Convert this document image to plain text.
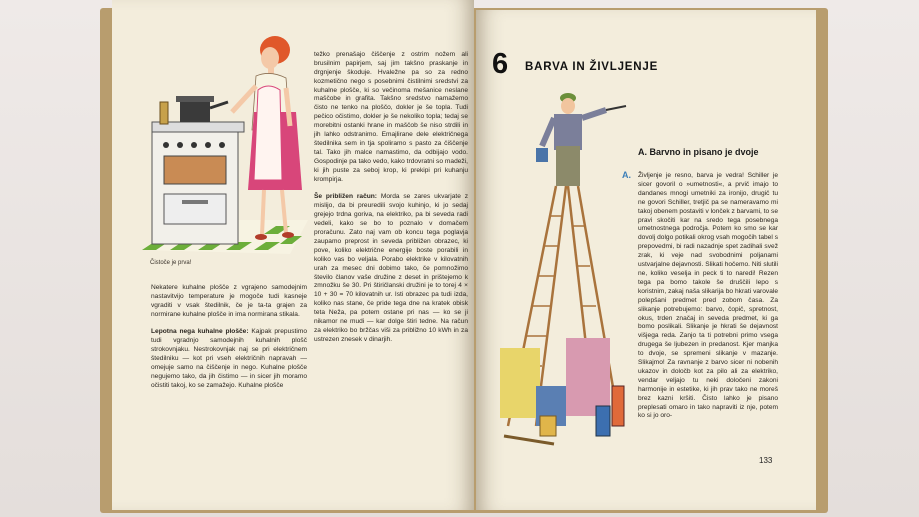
Čistoče je prva!

Nekatere kuhalne plošče z vgrajeno samodejnim nastavitvijo temperature je mogoče tudi kasneje vgraditi v vsak štedilnik, če je ta-ta grajen za normirane kuhalne plošče in ima normirana stikala.

Lepotna nega kuhalne plošče: Kajpak prepustimo tudi vgradnjo samodejnih kuhalnih plošč strokovnjaku. Nestrokovnjak naj se pri električnem štedilniku — kot pri vseh električnih napravah — omejuje samo na čiščenje in nego. Kuhalne plošče negujemo tako, da jih čistimo — in sicer jih moramo očistiti takoj, ko se zamažejo. Kuhalne plošče

težko prenašajo čiščenje z ostrim nožem ali brusilnim papirjem, saj jim takšno praskanje in drgnjenje škoduje. Hvaležne pa so za redno kozmetično nego s posebnimi čistilnimi sredstvi za kuhalne plošče, ki so večinoma mešanice neslane maščobe in grafita. Takšno sredstvo namažemo čisto ne tenko na ploščo, dokler je še topla. Tudi pečico očistimo, dokler je še nekoliko topla; tedaj se morebitni ostanki hrane in maščob še niso strdili in jih lahko odstranimo. Emajlirane dele električnega štedilnika sem in tja spoliramo s pasto za čiščenje tal. Tako jih malce namastimo, da odbijajo vodo. Gospodinje pa tako vedo, kako trdovratni so madeži, ki jih puste za seboj krop, ki prekipi pri kuhanju krompirja.

Še približen račun: Morda se zares ukvarjate z mislijo, da bi preuredili svojo kuhinjo, ki jo sedaj grejejo trdna goriva, na elektriko, pa bi seveda radi vedeli, kako se bo to poznalo v domačem proračunu. Zato naj vam ob koncu tega poglavja zaupamo preprost in seveda približen obrazec, ki pove, koliko električne energije boste porabili in koliko vas bo veljala. Porabo elektrike v kilovatnih urah za mesec dni dobimo tako, če pomnožimo število članov vaše družine z deset in prištejemo k zmnožku še 30. Pri štiričlanski družini je to torej 4 × 10 + 30 = 70 kilovatnih ur. Isti obrazec pa tudi izda, koliko nas stane, če pride tega dne na kratek obisk teta Neža, pa potem ostane pri nas — ko se ji nikamor ne mudi — kar dolge štiri tedne. Na račun za elektriko bo bržčas viši za približno 10 kWh in za ustrezen znesek v dinarjih.

6 BARVA IN ŽIVLJENJE
A. Barvno in pisano je dvoje
A. Življenje je resno, barva je vedra! Schiller je sicer govoril o »umetnosti«, a prvič imajo to dandanes mnogi umetniki za ironijo, drugič tu ne govori Schiller, tretjič pa se nameravamo mi takoj obenem postaviti v lonček z barvami, to se pravi skočiti kar na sredo tega posebnega umetnostnega področja. Potem ko smo se kar dovolj dolgo potikali okrog vsah mogočih tabel s prepovedmi, bi radi nazadnje spet zadihali svež zrak, ki veje nad svobodnimi poljanami ustvarjalne dejavnosti. Slikati hočemo. Niti slutili ne, koliko veselja in peck ti to naredi! Rezen tega pa bomo takole še druščili lepo s koristnim, zakaj naša slikarija bo hkrati varovale polepšani predmet pred zobom časa. Za slikanje potrebujemo: barvo, čopič, spretnost, okus, trden značaj in seveda predmet, ki ga bomo poslikali. Slikanje je hkrati še dejavnost višjega reda. Zanjo ta ti potrebni primo vsega drugega še ljubezen in predanost. Kjer manjka to dvoje, se spremeni slikanje v mazanje. Slikajmo! Za ravnanje z barvo sicer ni nobenih ukazov in določb kot za pilo ali za elektriko, vendar veljajo tu neki določeni zakoni harmonije in estetike, ki jih prav tako ne moreš brez kazni kršiti. Čisto lahko je pisano preplesati omaro in tako napraviti iz nje, potem ko si jo oro-
133
